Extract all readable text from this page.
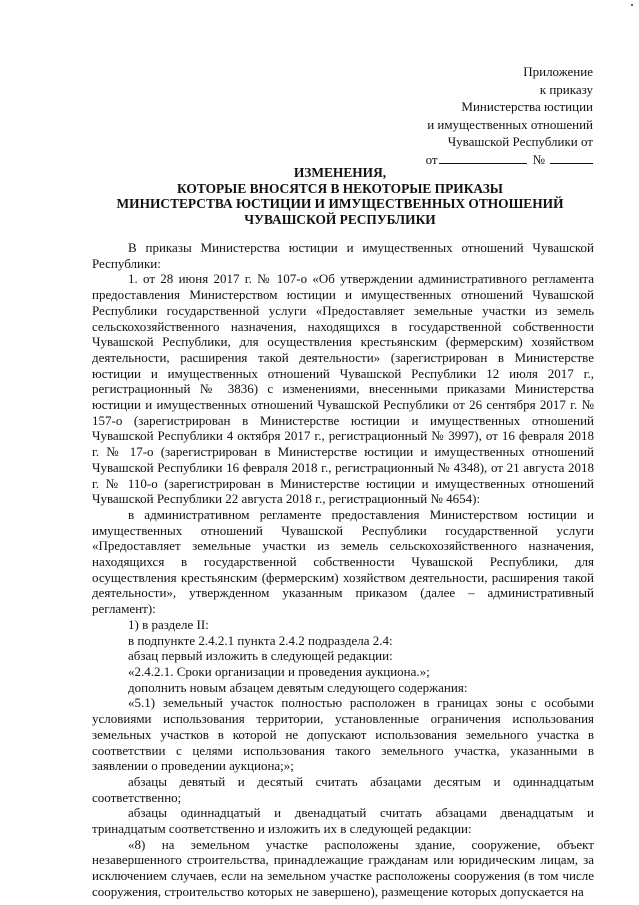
Приложение
к приказу
Министерства юстиции
и имущественных отношений
Чувашской Республики от
от	№
ИЗМЕНЕНИЯ,
КОТОРЫЕ ВНОСЯТСЯ В НЕКОТОРЫЕ ПРИКАЗЫ
МИНИСТЕРСТВА ЮСТИЦИИ И ИМУЩЕСТВЕННЫХ ОТНОШЕНИЙ
ЧУВАШСКОЙ РЕСПУБЛИКИ

В приказы Министерства юстиции и имущественных отношений Чувашской Республики:

1. от 28 июня 2017 г. № 107-о «Об утверждении административного регламента предоставления Министерством юстиции и имущественных отношений Чувашской Республики государственной услуги «Предоставляет земельные участки из земель сельскохозяйственного назначения, находящихся в государственной собственности Чувашской Республики, для осуществления крестьянским (фермерским) хозяйством деятельности, расширения такой деятельности» (зарегистрирован в Министерстве юстиции и имущественных отношений Чувашской Республики 12 июля 2017 г., регистрационный № 3836) с изменениями, внесенными приказами Министерства юстиции и имущественных отношений Чувашской Республики от 26 сентября 2017 г. № 157-о (зарегистрирован в Министерстве юстиции и имущественных отношений Чувашской Республики 4 октября 2017 г., регистрационный № 3997), от 16 февраля 2018 г. № 17-о (зарегистрирован в Министерстве юстиции и имущественных отношений Чувашской Республики 16 февраля 2018 г., регистрационный № 4348), от 21 августа 2018 г. № 110-о (зарегистрирован в Министерстве юстиции и имущественных отношений Чувашской Республики 22 августа 2018 г., регистрационный № 4654):

в административном регламенте предоставления Министерством юстиции и имущественных отношений Чувашской Республики государственной услуги «Предоставляет земельные участки из земель сельскохозяйственного назначения, находящихся в государственной собственности Чувашской Республики, для осуществления крестьянским (фермерским) хозяйством деятельности, расширения такой деятельности», утвержденном указанным приказом (далее – административный регламент):

1) в разделе II:

в подпункте 2.4.2.1 пункта 2.4.2 подраздела 2.4:

абзац первый изложить в следующей редакции:

«2.4.2.1. Сроки организации и проведения аукциона.»;

дополнить новым абзацем девятым следующего содержания:

«5.1) земельный участок полностью расположен в границах зоны с особыми условиями использования территории, установленные ограничения использования земельных участков в которой не допускают использования земельного участка в соответствии с целями использования такого земельного участка, указанными в заявлении о проведении аукциона;»;

абзацы девятый и десятый считать абзацами десятым и одиннадцатым соответственно;

абзацы одиннадцатый и двенадцатый считать абзацами двенадцатым и тринадцатым соответственно и изложить их в следующей редакции:

«8) на земельном участке расположены здание, сооружение, объект незавершенного строительства, принадлежащие гражданам или юридическим лицам, за исключением случаев, если на земельном участке расположены сооружения (в том числе сооружения, строительство которых не завершено), размещение которых допускается на
